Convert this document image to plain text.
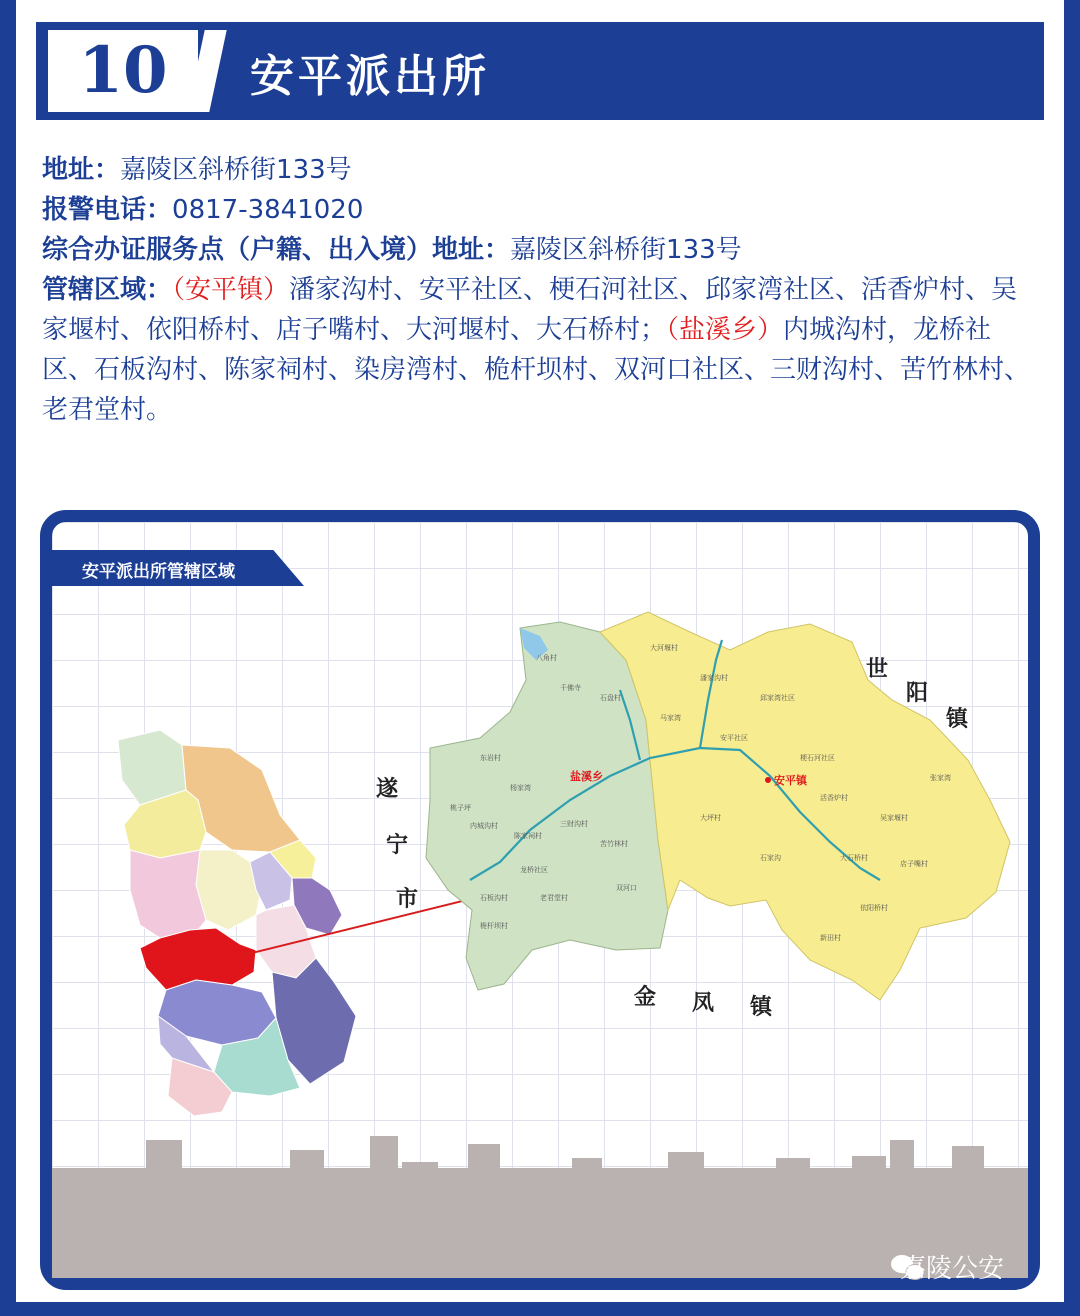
10	安平派出所

地址：嘉陵区斜桥街133号

报警电话：0817-3841020

综合办证服务点（户籍、出入境）地址：嘉陵区斜桥街133号

管辖区域：（安平镇）潘家沟村、安平社区、梗石河社区、邱家湾社区、活香炉村、吴家堰村、依阳桥村、店子嘴村、大河堰村、大石桥村；（盐溪乡）内城沟村，龙桥社区、石板沟村、陈家祠村、染房湾村、桅杆坝村、双河口社区、三财沟村、苦竹林村、老君堂村。

八角村
千佛寺
石盘村
东岩村
杨家湾
桃子坪
内城沟村
陈家祠村
三财沟村
龙桥社区
苦竹林村
石板沟村
桅杆坝村
老君堂村
双河口
大河堰村
潘家沟村
邱家湾社区
安平社区
梗石河社区
活香炉村
吴家堰村
店子嘴村
大石桥村
依阳桥村
张家湾
大坪村
石家沟
新田村
马家湾
盐溪乡	安平镇
遂
宁
市
世
阳
镇
金 凤 镇
安平派出所管辖区域
嘉陵公安
